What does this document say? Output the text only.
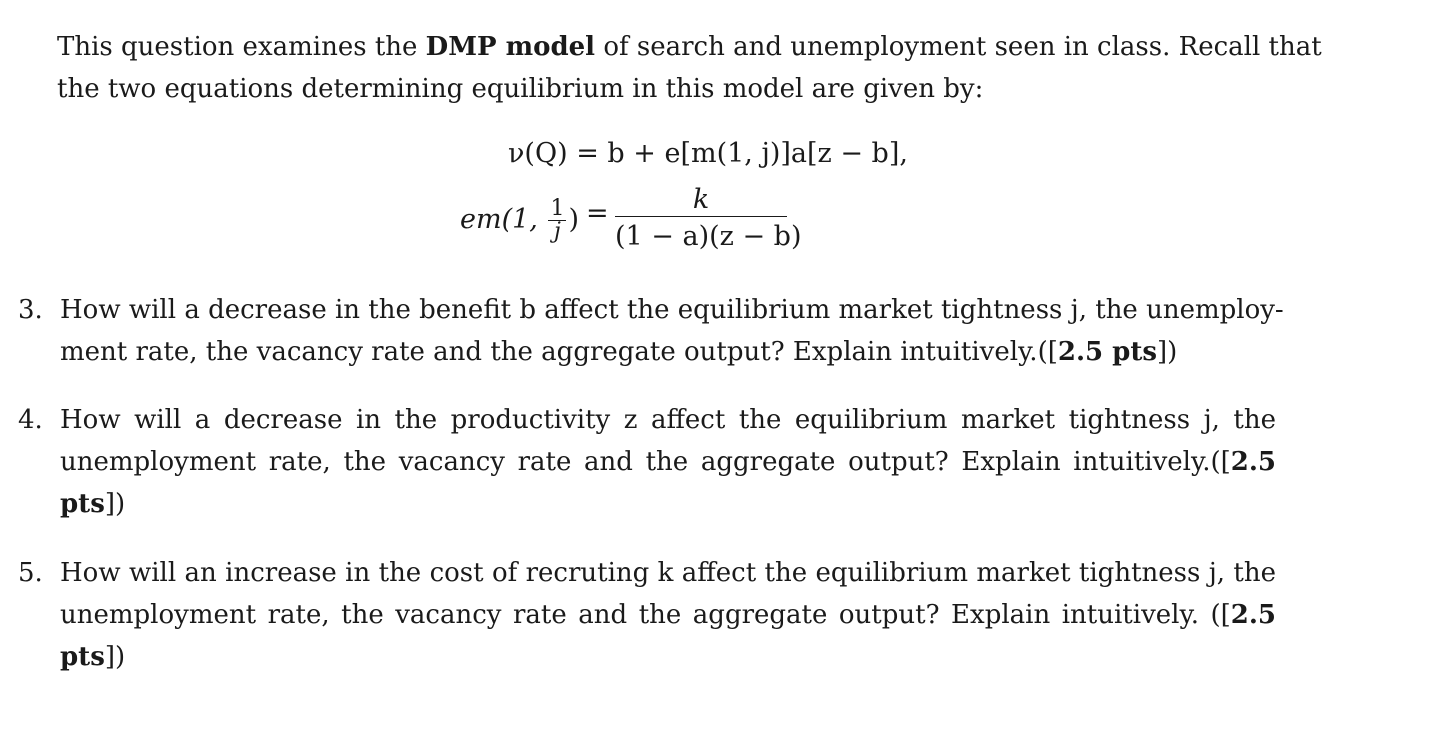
This question examines the DMP model of search and unemployment seen in class. Recall that
the two equations determining equilibrium in this model are given by:
ν(Q) = b + e[m(1, j)]a[z − b],
em(1, $\frac{1}{j}$ ) =	k
(1 − a)(z − b)
3. How will a decrease in the benefit b affect the equilibrium market tightness j, the unemploy-
ment rate, the vacancy rate and the aggregate output? Explain intuitively.([2.5 pts])
4. How will a decrease in the productivity z affect the equilibrium market tightness j, the
unemployment rate, the vacancy rate and the aggregate output? Explain intuitively.([2.5
pts])
5. How will an increase in the cost of recruting k affect the equilibrium market tightness j, the
unemployment rate, the vacancy rate and the aggregate output? Explain intuitively. ([2.5
pts])
